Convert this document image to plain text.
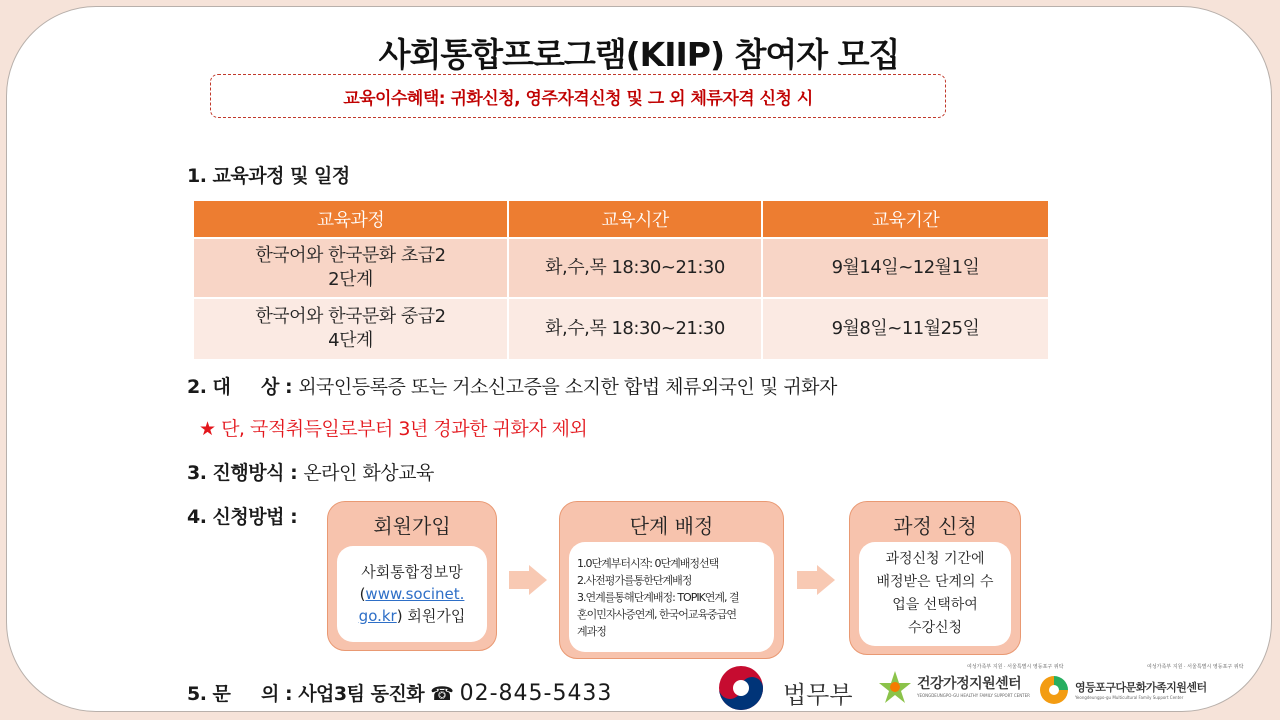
사회통합프로그램(KIIP) 참여자 모집
교육이수혜택: 귀화신청, 영주자격신청 및 그 외 체류자격 신청 시
1. 교육과정 및 일정
교육과정	교육시간	교육기간
한국어와 한국문화 초급2
2단계	화,수,목 18:30~21:30	9월14일~12월1일
한국어와 한국문화 중급2
4단계	화,수,목 18:30~21:30	9월8일~11월25일
2. 대     상 : 외국인등록증 또는 거소신고증을 소지한 합법 체류외국인 및 귀화자
★ 단, 국적취득일로부터 3년 경과한 귀화자 제외
3. 진행방식 : 온라인 화상교육
4. 신청방법 :	회원가입
사회통합정보망
(www.socinet.
go.kr) 회원가입
단계 배정
1.0단계부터시작: 0단계배정선택
2.사전평가를통한단계배정
3.연계를통해단계배정: TOPIK연계, 결
혼이민자사증연계, 한국어교육중급연
계과정
과정 신청
과정신청 기간에
배정받은 단계의 수
업을 선택하여
수강신청
5. 문     의 : 사업3팀 동진화 ☎ 02-845-5433	법무부
여성가족부 지원 · 서울특별시 영등포구 위탁
건강가정지원센터
YEONGDEUNGPO-GU HEALTHY FAMILY SUPPORT CENTER
여성가족부 지원 · 서울특별시 영등포구 위탁
영등포구다문화가족지원센터
Yeongdeungpo-gu Multicultural Family Support Center
